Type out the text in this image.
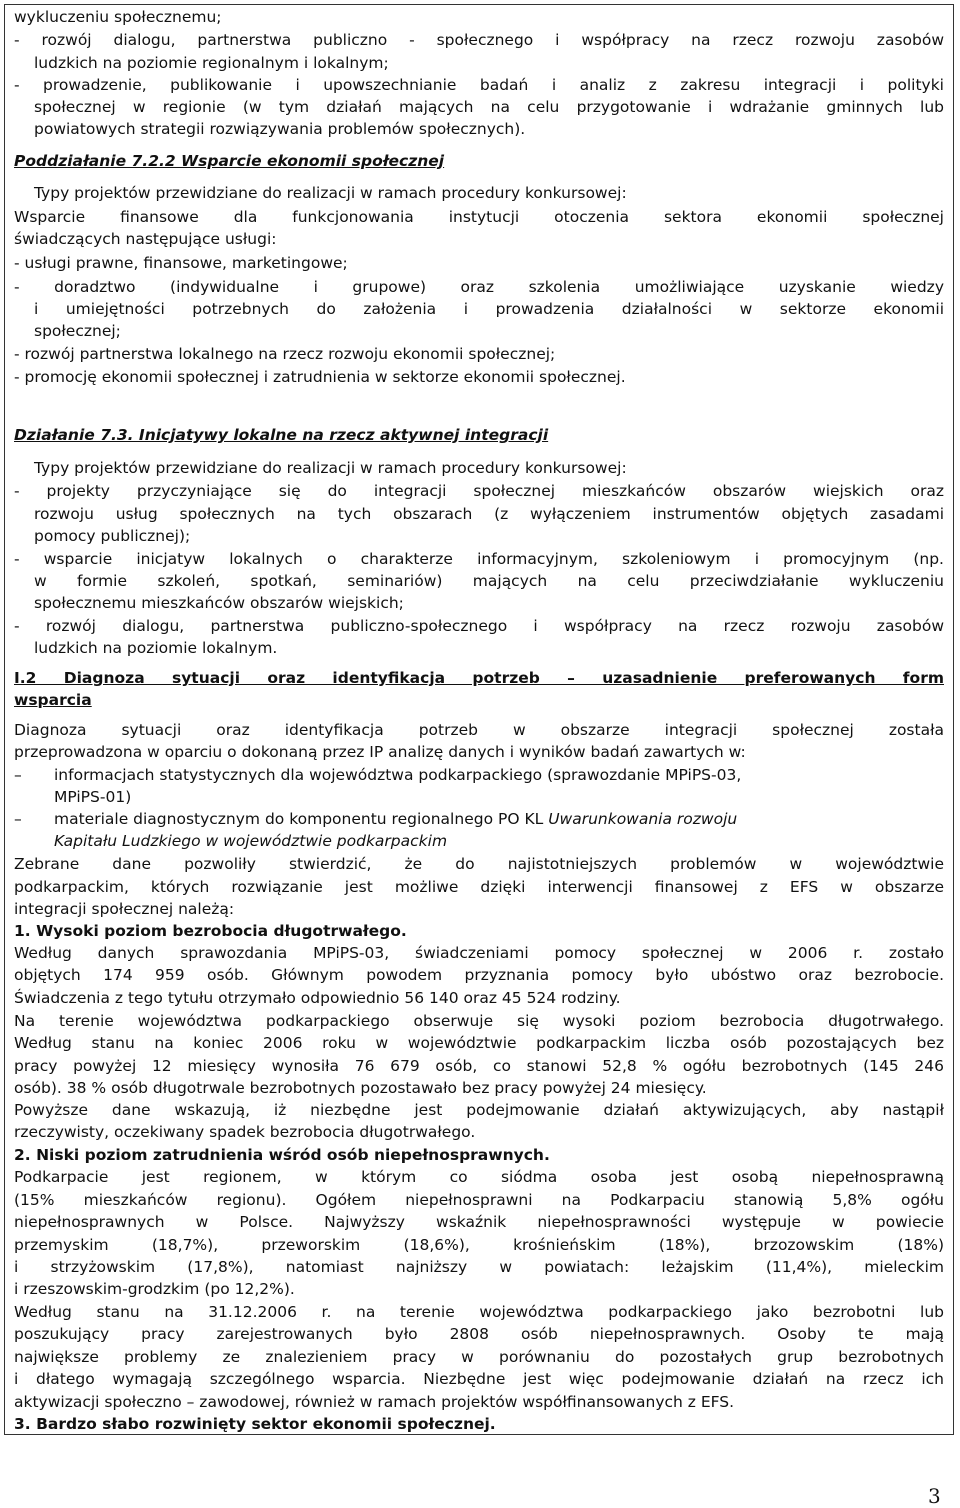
wykluczeniu społecznemu;
- rozwój dialogu, partnerstwa publiczno - społecznego i współpracy na rzecz rozwoju zasobów
ludzkich na poziomie regionalnym i lokalnym;
- prowadzenie, publikowanie i upowszechnianie badań i analiz z zakresu integracji i polityki
społecznej w regionie (w tym działań mających na celu przygotowanie i wdrażanie gminnych lub
powiatowych strategii rozwiązywania problemów społecznych).
Poddziałanie 7.2.2 Wsparcie ekonomii społecznej
Typy projektów przewidziane do realizacji w ramach procedury konkursowej:
Wsparcie finansowe dla funkcjonowania instytucji otoczenia sektora ekonomii społecznej
świadczących następujące usługi:
- usługi prawne, finansowe, marketingowe;
- doradztwo (indywidualne i grupowe) oraz szkolenia umożliwiające uzyskanie wiedzy
i umiejętności potrzebnych do założenia i prowadzenia działalności w sektorze ekonomii
społecznej;
- rozwój partnerstwa lokalnego na rzecz rozwoju ekonomii społecznej;
- promocję ekonomii społecznej i zatrudnienia w sektorze ekonomii społecznej.
Działanie 7.3. Inicjatywy lokalne na rzecz aktywnej integracji
Typy projektów przewidziane do realizacji w ramach procedury konkursowej:
- projekty przyczyniające się do integracji społecznej mieszkańców obszarów wiejskich oraz
rozwoju usług społecznych na tych obszarach (z wyłączeniem instrumentów objętych zasadami
pomocy publicznej);
- wsparcie inicjatyw lokalnych o charakterze informacyjnym, szkoleniowym i promocyjnym (np.
w formie szkoleń, spotkań, seminariów) mających na celu przeciwdziałanie wykluczeniu
społecznemu mieszkańców obszarów wiejskich;
- rozwój dialogu, partnerstwa publiczno-społecznego i współpracy na rzecz rozwoju zasobów
ludzkich na poziomie lokalnym.
I.2 Diagnoza sytuacji oraz identyfikacja potrzeb – uzasadnienie preferowanych form
wsparcia
Diagnoza sytuacji oraz identyfikacja potrzeb w obszarze integracji społecznej została
przeprowadzona w oparciu o dokonaną przez IP analizę danych i wyników badań zawartych w:
– informacjach statystycznych dla województwa podkarpackiego (sprawozdanie MPiPS-03,
MPiPS-01)
– materiale diagnostycznym do komponentu regionalnego PO KL Uwarunkowania rozwoju
Kapitału Ludzkiego w województwie podkarpackim
Zebrane dane pozwoliły stwierdzić, że do najistotniejszych problemów w województwie
podkarpackim, których rozwiązanie jest możliwe dzięki interwencji finansowej z EFS w obszarze
integracji społecznej należą:
1. Wysoki poziom bezrobocia długotrwałego.
Według danych sprawozdania MPiPS-03, świadczeniami pomocy społecznej w 2006 r. zostało
objętych 174 959 osób. Głównym powodem przyznania pomocy było ubóstwo oraz bezrobocie.
Świadczenia z tego tytułu otrzymało odpowiednio 56 140 oraz 45 524 rodziny.
Na terenie województwa podkarpackiego obserwuje się wysoki poziom bezrobocia długotrwałego.
Według stanu na koniec 2006 roku w województwie podkarpackim liczba osób pozostających bez
pracy powyżej 12 miesięcy wynosiła 76 679 osób, co stanowi 52,8 % ogółu bezrobotnych (145 246
osób). 38 % osób długotrwale bezrobotnych pozostawało bez pracy powyżej 24 miesięcy.
Powyższe dane wskazują, iż niezbędne jest podejmowanie działań aktywizujących, aby nastąpił
rzeczywisty, oczekiwany spadek bezrobocia długotrwałego.
2. Niski poziom zatrudnienia wśród osób niepełnosprawnych.
Podkarpacie jest regionem, w którym co siódma osoba jest osobą niepełnosprawną
(15% mieszkańców regionu). Ogółem niepełnosprawni na Podkarpaciu stanowią 5,8% ogółu
niepełnosprawnych w Polsce. Najwyższy wskaźnik niepełnosprawności występuje w powiecie
przemyskim (18,7%), przeworskim (18,6%), krośnieńskim (18%), brzozowskim (18%)
i strzyżowskim (17,8%), natomiast najniższy w powiatach: leżajskim (11,4%), mieleckim
i rzeszowskim-grodzkim (po 12,2%).
Według stanu na 31.12.2006 r. na terenie województwa podkarpackiego jako bezrobotni lub
poszukujący pracy zarejestrowanych było 2808 osób niepełnosprawnych. Osoby te mają
największe problemy ze znalezieniem pracy w porównaniu do pozostałych grup bezrobotnych
i dłatego wymagają szczególnego wsparcia. Niezbędne jest więc podejmowanie działań na rzecz ich
aktywizacji społeczno – zawodowej, również w ramach projektów współfinansowanych z EFS.
3. Bardzo słabo rozwinięty sektor ekonomii społecznej.
3
